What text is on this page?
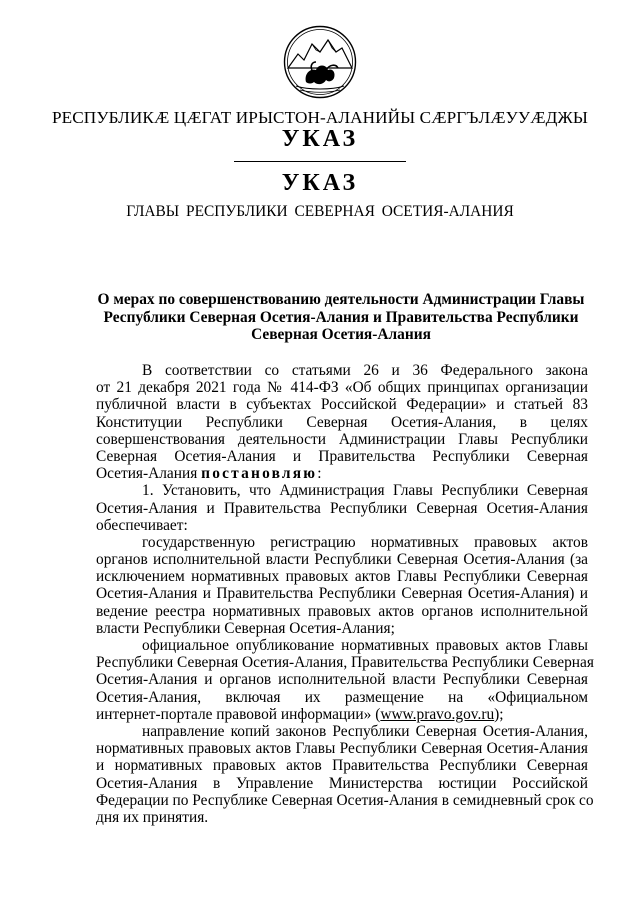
РЕСПУБЛИКӔ ЦӔГАТ ИРЫСТОН-АЛАНИЙЫ СӔРГЪЛӔУУӔДЖЫ
УКАЗ
УКАЗ
ГЛАВЫ РЕСПУБЛИКИ СЕВЕРНАЯ ОСЕТИЯ-АЛАНИЯ
О мерах по совершенствованию деятельности Администрации Главы
Республики Северная Осетия-Алания и Правительства Республики
Северная Осетия-Алания
В соответствии со статьями 26 и 36 Федерального закона
от 21 декабря 2021 года № 414-ФЗ «Об общих принципах организации
публичной власти в субъектах Российской Федерации» и статьей 83
Конституции Республики Северная Осетия-Алания, в целях
совершенствования деятельности Администрации Главы Республики
Северная Осетия-Алания и Правительства Республики Северная
Осетия-Алания постановляю:
1. Установить, что Администрация Главы Республики Северная
Осетия-Алания и Правительства Республики Северная Осетия-Алания
обеспечивает:
государственную регистрацию нормативных правовых актов
органов исполнительной власти Республики Северная Осетия-Алания (за
исключением нормативных правовых актов Главы Республики Северная
Осетия-Алания и Правительства Республики Северная Осетия-Алания) и
ведение реестра нормативных правовых актов органов исполнительной
власти Республики Северная Осетия-Алания;
официальное опубликование нормативных правовых актов Главы
Республики Северная Осетия-Алания, Правительства Республики Северная
Осетия-Алания и органов исполнительной власти Республики Северная
Осетия-Алания, включая их размещение на «Официальном
интернет-портале правовой информации» (www.pravo.gov.ru);
направление копий законов Республики Северная Осетия-Алания,
нормативных правовых актов Главы Республики Северная Осетия-Алания
и нормативных правовых актов Правительства Республики Северная
Осетия-Алания в Управление Министерства юстиции Российской
Федерации по Республике Северная Осетия-Алания в семидневный срок со
дня их принятия.
